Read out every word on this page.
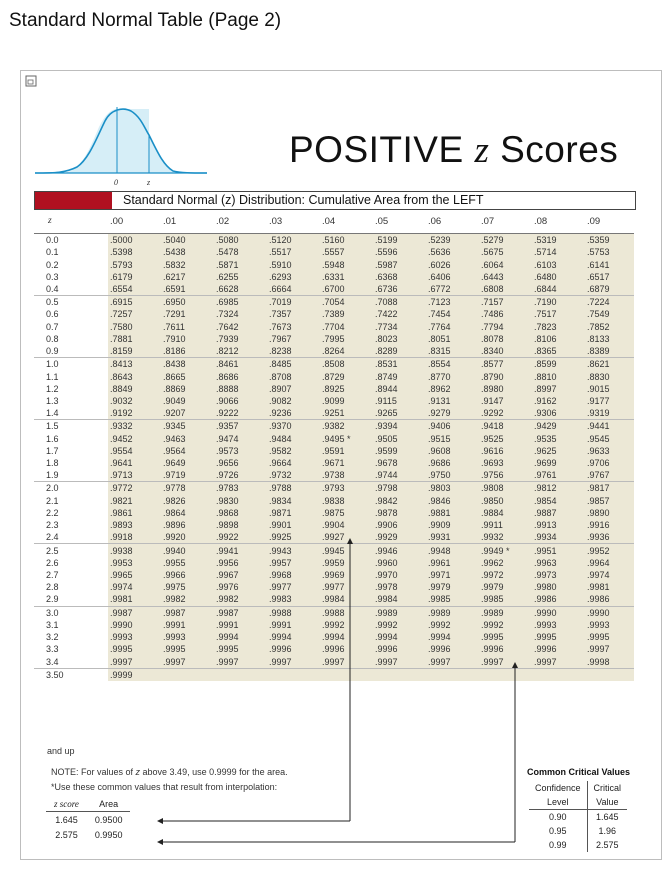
Standard Normal Table (Page 2)
0	z
POSITIVE z Scores
Standard Normal (z) Distribution: Cumulative Area from the LEFT
z	.00	.01	.02	.03	.04	.05	.06	.07	.08	.09
0.0	.5000	.5040	.5080	.5120	.5160	.5199	.5239	.5279	.5319	.5359
0.1	.5398	.5438	.5478	.5517	.5557	.5596	.5636	.5675	.5714	.5753
0.2	.5793	.5832	.5871	.5910	.5948	.5987	.6026	.6064	.6103	.6141
0.3	.6179	.6217	.6255	.6293	.6331	.6368	.6406	.6443	.6480	.6517
0.4	.6554	.6591	.6628	.6664	.6700	.6736	.6772	.6808	.6844	.6879
0.5	.6915	.6950	.6985	.7019	.7054	.7088	.7123	.7157	.7190	.7224
0.6	.7257	.7291	.7324	.7357	.7389	.7422	.7454	.7486	.7517	.7549
0.7	.7580	.7611	.7642	.7673	.7704	.7734	.7764	.7794	.7823	.7852
0.8	.7881	.7910	.7939	.7967	.7995	.8023	.8051	.8078	.8106	.8133
0.9	.8159	.8186	.8212	.8238	.8264	.8289	.8315	.8340	.8365	.8389
1.0	.8413	.8438	.8461	.8485	.8508	.8531	.8554	.8577	.8599	.8621
1.1	.8643	.8665	.8686	.8708	.8729	.8749	.8770	.8790	.8810	.8830
1.2	.8849	.8869	.8888	.8907	.8925	.8944	.8962	.8980	.8997	.9015
1.3	.9032	.9049	.9066	.9082	.9099	.9115	.9131	.9147	.9162	.9177
1.4	.9192	.9207	.9222	.9236	.9251	.9265	.9279	.9292	.9306	.9319
1.5	.9332	.9345	.9357	.9370	.9382	.9394	.9406	.9418	.9429	.9441
1.6	.9452	.9463	.9474	.9484	.9495 *	.9505	.9515	.9525	.9535	.9545
1.7	.9554	.9564	.9573	.9582	.9591	.9599	.9608	.9616	.9625	.9633
1.8	.9641	.9649	.9656	.9664	.9671	.9678	.9686	.9693	.9699	.9706
1.9	.9713	.9719	.9726	.9732	.9738	.9744	.9750	.9756	.9761	.9767
2.0	.9772	.9778	.9783	.9788	.9793	.9798	.9803	.9808	.9812	.9817
2.1	.9821	.9826	.9830	.9834	.9838	.9842	.9846	.9850	.9854	.9857
2.2	.9861	.9864	.9868	.9871	.9875	.9878	.9881	.9884	.9887	.9890
2.3	.9893	.9896	.9898	.9901	.9904	.9906	.9909	.9911	.9913	.9916
2.4	.9918	.9920	.9922	.9925	.9927	.9929	.9931	.9932	.9934	.9936
2.5	.9938	.9940	.9941	.9943	.9945	.9946	.9948	.9949 *	.9951	.9952
2.6	.9953	.9955	.9956	.9957	.9959	.9960	.9961	.9962	.9963	.9964
2.7	.9965	.9966	.9967	.9968	.9969	.9970	.9971	.9972	.9973	.9974
2.8	.9974	.9975	.9976	.9977	.9977	.9978	.9979	.9979	.9980	.9981
2.9	.9981	.9982	.9982	.9983	.9984	.9984	.9985	.9985	.9986	.9986
3.0	.9987	.9987	.9987	.9988	.9988	.9989	.9989	.9989	.9990	.9990
3.1	.9990	.9991	.9991	.9991	.9992	.9992	.9992	.9992	.9993	.9993
3.2	.9993	.9993	.9994	.9994	.9994	.9994	.9994	.9995	.9995	.9995
3.3	.9995	.9995	.9995	.9996	.9996	.9996	.9996	.9996	.9996	.9997
3.4	.9997	.9997	.9997	.9997	.9997	.9997	.9997	.9997	.9997	.9998
3.50	.9999									
and up
NOTE: For values of z above 3.49, use 0.9999 for the area.
*Use these common values that result from interpolation:
z score	Area
1.645	0.9500
2.575	0.9950
Common Critical Values
Confidence	Critical
Level	Value
0.90	1.645
0.95	1.96
0.99	2.575
